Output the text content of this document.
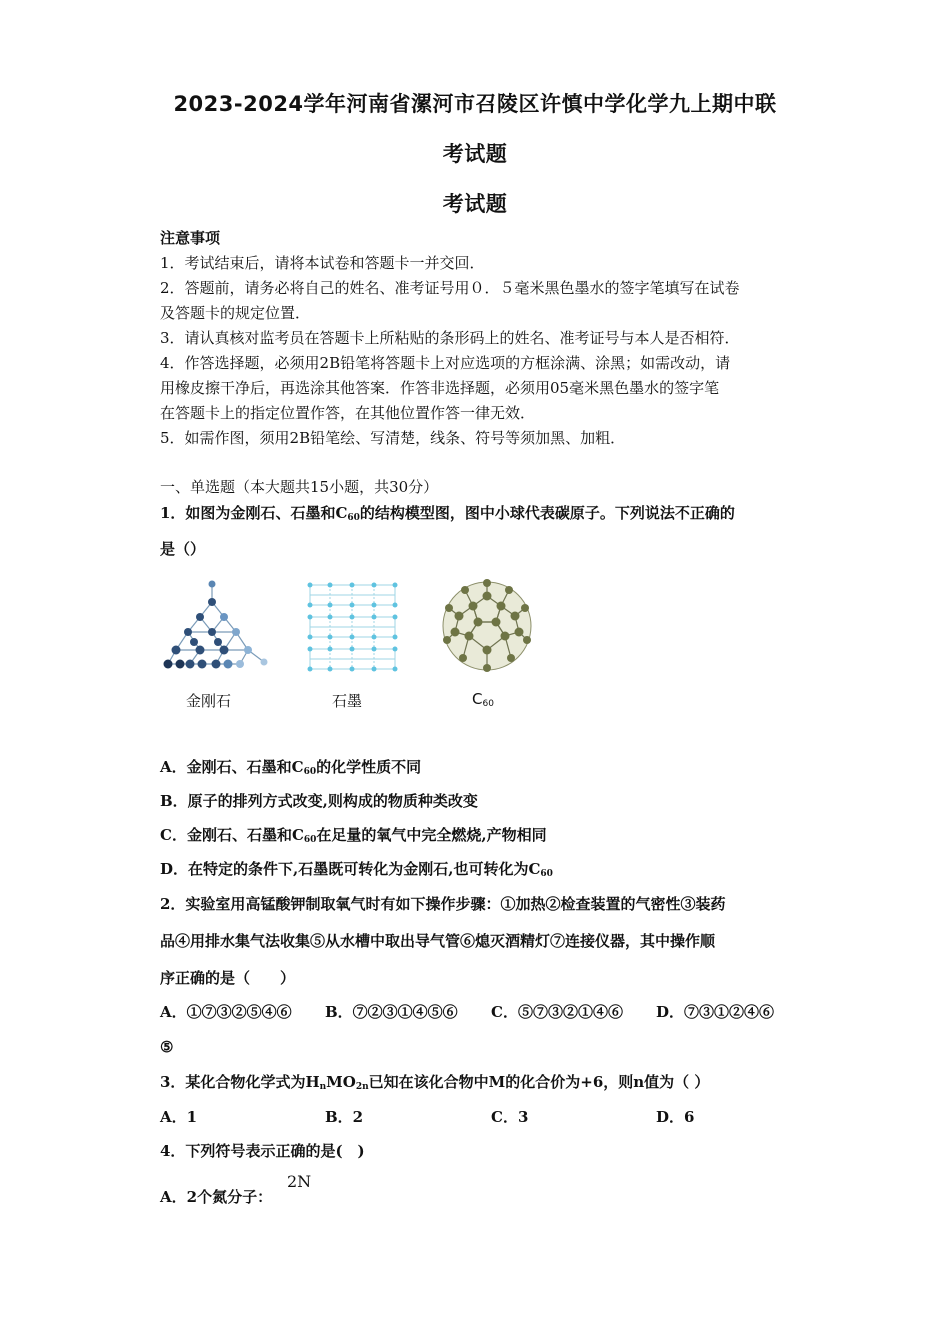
2023-2024学年河南省漯河市召陵区许慎中学化学九上期中联
考试题
考试题
注意事项
1．考试结束后，请将本试卷和答题卡一并交回．
2．答题前，请务必将自己的姓名、准考证号用０．５毫米黑色墨水的签字笔填写在试卷
及答题卡的规定位置．
3．请认真核对监考员在答题卡上所粘贴的条形码上的姓名、准考证号与本人是否相符．
4．作答选择题，必须用2B铅笔将答题卡上对应选项的方框涂满、涂黑；如需改动，请
用橡皮擦干净后，再选涂其他答案．作答非选择题，必须用05毫米黑色墨水的签字笔
在答题卡上的指定位置作答，在其他位置作答一律无效．
5．如需作图，须用2B铅笔绘、写清楚，线条、符号等须加黑、加粗．
一、单选题（本大题共15小题，共30分）
1．如图为金刚石、石墨和$C_{60}$的结构模型图，图中小球代表碳原子。下列说法不正确的
是（）
金刚石	石墨	$C_{60}$
A．金刚石、石墨和$C_{60}$的化学性质不同
B．原子的排列方式改变,则构成的物质种类改变
C．金刚石、石墨和$C_{60}$在足量的氧气中完全燃烧,产物相同
D．在特定的条件下,石墨既可转化为金刚石,也可转化为$C_{60}$
2．实验室用高锰酸钾制取氧气时有如下操作步骤：①加热②检查装置的气密性③装药
品④用排水集气法收集⑤从水槽中取出导气管⑥熄灭酒精灯⑦连接仪器，其中操作顺
序正确的是（　　）
A．①⑦③②⑤④⑥ B．⑦②③①④⑤⑥ C．⑤⑦③②①④⑥ D．⑦③①②④⑥
⑤
3．某化合物化学式为$H_nMO_{2n}$已知在该化合物中M的化合价为+6，则n值为（ ）
A．1	B．2	C．3	D．6
4．下列符号表示正确的是(　)
A．2个氮分子：
2N
